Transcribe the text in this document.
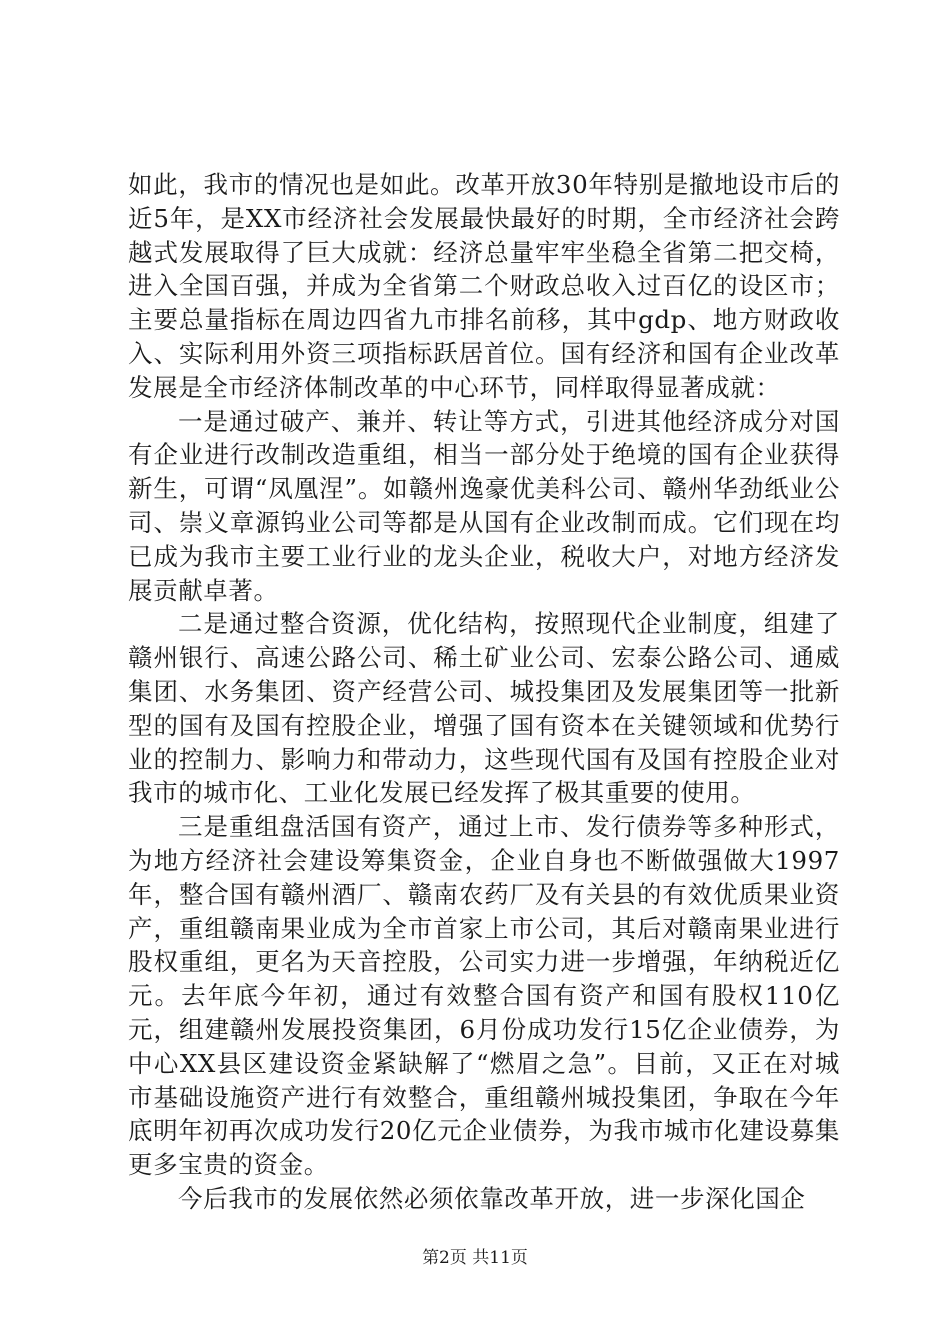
如此，我市的情况也是如此。改革开放30年特别是撤地设市后的近5年，是XX市经济社会发展最快最好的时期，全市经济社会跨越式发展取得了巨大成就：经济总量牢牢坐稳全省第二把交椅，进入全国百强，并成为全省第二个财政总收入过百亿的设区市；主要总量指标在周边四省九市排名前移，其中gdp、地方财政收入、实际利用外资三项指标跃居首位。国有经济和国有企业改革发展是全市经济体制改革的中心环节，同样取得显著成就：

一是通过破产、兼并、转让等方式，引进其他经济成分对国有企业进行改制改造重组，相当一部分处于绝境的国有企业获得新生，可谓“凤凰涅”。如赣州逸豪优美科公司、赣州华劲纸业公司、崇义章源钨业公司等都是从国有企业改制而成。它们现在均已成为我市主要工业行业的龙头企业，税收大户，对地方经济发展贡献卓著。

二是通过整合资源，优化结构，按照现代企业制度，组建了赣州银行、高速公路公司、稀土矿业公司、宏泰公路公司、通威集团、水务集团、资产经营公司、城投集团及发展集团等一批新型的国有及国有控股企业，增强了国有资本在关键领域和优势行业的控制力、影响力和带动力，这些现代国有及国有控股企业对我市的城市化、工业化发展已经发挥了极其重要的使用。

三是重组盘活国有资产，通过上市、发行债券等多种形式，为地方经济社会建设筹集资金，企业自身也不断做强做大1997年，整合国有赣州酒厂、赣南农药厂及有关县的有效优质果业资产，重组赣南果业成为全市首家上市公司，其后对赣南果业进行股权重组，更名为天音控股，公司实力进一步增强，年纳税近亿元。去年底今年初，通过有效整合国有资产和国有股权110亿元，组建赣州发展投资集团，6月份成功发行15亿企业债券，为中心XX县区建设资金紧缺解了“燃眉之急”。目前，又正在对城市基础设施资产进行有效整合，重组赣州城投集团，争取在今年底明年初再次成功发行20亿元企业债券，为我市城市化建设募集更多宝贵的资金。

今后我市的发展依然必须依靠改革开放，进一步深化国企

第2页 共11页
